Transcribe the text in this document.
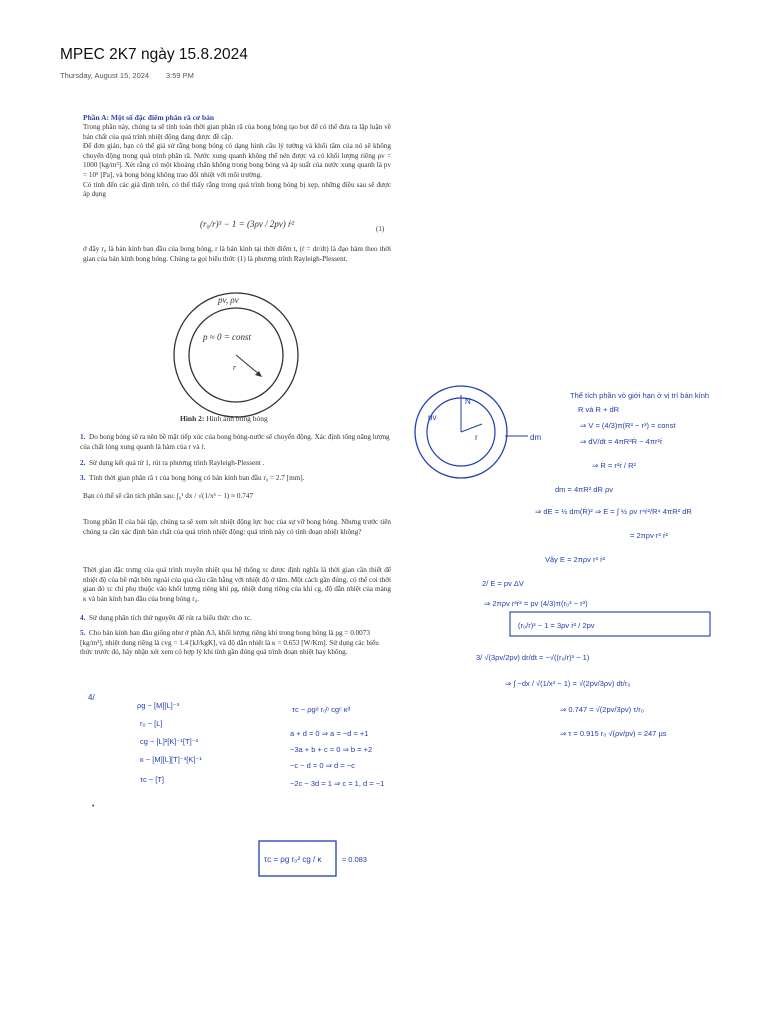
MPEC 2K7 ngày 15.8.2024
Thursday, August 15, 2024 3:59 PM
Phần A: Một số đặc điểm phân rã cơ bản

Trong phần này, chúng ta sẽ tính toán thời gian phân rã của bong bóng tạo bọt để có thể đưa ra lập luận về bản chất của quá trình nhiệt động đang được đề cập.

Để đơn giản, bạn có thể giả sử rằng bong bóng có dạng hình cầu lý tưởng và khối tâm của nó sẽ không chuyển động trong quá trình phân rã. Nước xung quanh không thể nén được và có khối lượng riêng ρv = 1000 [kg/m³]. Xét rằng có một khoảng chân không trong bong bóng và áp suất của nước xung quanh là pv = 10⁵ [Pa], và bong bóng không trao đổi nhiệt với môi trường.

Có tính đến các giả định trên, có thể thấy rằng trong quá trình bong bóng bị xẹp, những điều sau sẽ được áp dụng

(r₀/r)³ − 1 = (3ρv / 2pv) ṙ²	(1)

ở đây r₀ là bán kính ban đầu của bong bóng, r là bán kính tại thời điểm t, (ṙ = dr/dt) là đạo hàm theo thời gian của bán kính bong bóng. Chúng ta gọi biểu thức (1) là phương trình Rayleigh-Plessent.

pv, ρv
p ≈ 0 = const
r
N
r
pv
dm
Thể tích phần vỏ giới hạn ở vị trí bán kính
R và R + dR
⇒ V = (4/3)π(R³ − r³) = const
⇒ dV/dt = 4πR²Ṙ − 4πr²ṙ
⇒ Ṙ = r²ṙ / R²
dm = 4πR² dR ρv
⇒ dE = ½ dm(Ṙ)² ⇒ E = ∫ ½ ρv r⁴ṙ²/R⁴ 4πR² dR
= 2πρv r³ ṙ²
Vậy E = 2πρv r³ ṙ²
2/ E = pv ΔV
⇒ 2πρv r³ṙ² = pv (4/3)π(r₀³ − r³)
(r₀/r)³ − 1 = 3ρv ṙ² / 2pv
3/ √(3ρv/2pv) dr/dt = −√((r₀/r)³ − 1)
⇒ ∫ −dx / √(1/x³ − 1) = √(2pv/3ρv) dt/r₀
⇒ 0.747 = √(2pv/3ρv) τ/r₀
⇒ τ = 0.915 r₀ √(ρv/pv) ≈ 247 µs
4/
ρg ~ [M][L]⁻³
r₀ ~ [L]
cg ~ [L]²[K]⁻¹[T]⁻²
κ ~ [M][L][T]⁻³[K]⁻¹
τc ~ [T]
τc ~ ρgᵃ r₀ᵇ cgᶜ κᵈ
a + d = 0 ⇒ a = −d = +1
−3a + b + c = 0 ⇒ b = +2
−c − d = 0 ⇒ d = −c
−2c − 3d = 1 ⇒ c = 1, d = −1
•
τc = ρg r₀² cg / κ	≈ 0.083
Hình 2: Hình ảnh bong bóng
1. Do bong bóng sẽ ra nên bề mặt tiếp xúc của bong bóng-nước sẽ chuyển động. Xác định tổng năng lượng của chất lỏng xung quanh là hàm của r và ṙ.
2. Sử dụng kết quả từ 1, rút ra phương trình Rayleigh-Plessent .
3. Tính thời gian phân rã τ của bong bóng có bán kính ban đầu r₀ = 2.7 [mm].
Bạn có thể sẽ cần tích phân sau: ∫₀¹ dx / √(1/x³ − 1) ≈ 0.747

Trong phần II của bài tập, chúng ta sẽ xem xét nhiệt động lực học của sự vỡ bong bóng. Nhưng trước tiên chúng ta cần xác định bản chất của quá trình nhiệt động: quá trình này có tính đoạn nhiệt không?

Thời gian đặc trưng của quá trình truyền nhiệt qua hệ thống τc được định nghĩa là thời gian cần thiết để nhiệt độ của bề mặt bên ngoài của quả cầu cân bằng với nhiệt độ ở tâm. Một cách gần đúng, có thể coi thời gian đó τc chỉ phụ thuộc vào khối lượng riêng khí ρg, nhiệt dung riêng của khí cg, độ dẫn nhiệt của màng κ và bán kính ban đầu của bong bóng r₀.

4. Sử dụng phân tích thứ nguyên để rút ra biểu thức cho τc.
5. Cho bán kính ban đầu giống như ở phần A3, khối lượng riêng khí trong bong bóng là ρg = 0.0073 [kg/m³], nhiệt dung riêng là cvg = 1.4 [kJ/kgK], và độ dẫn nhiệt là κ = 0.653 [W/Km]. Sử dụng các biểu thức trước đó, hãy nhận xét xem có hợp lý khi tính gần đúng quá trình đoạn nhiệt hay không.
